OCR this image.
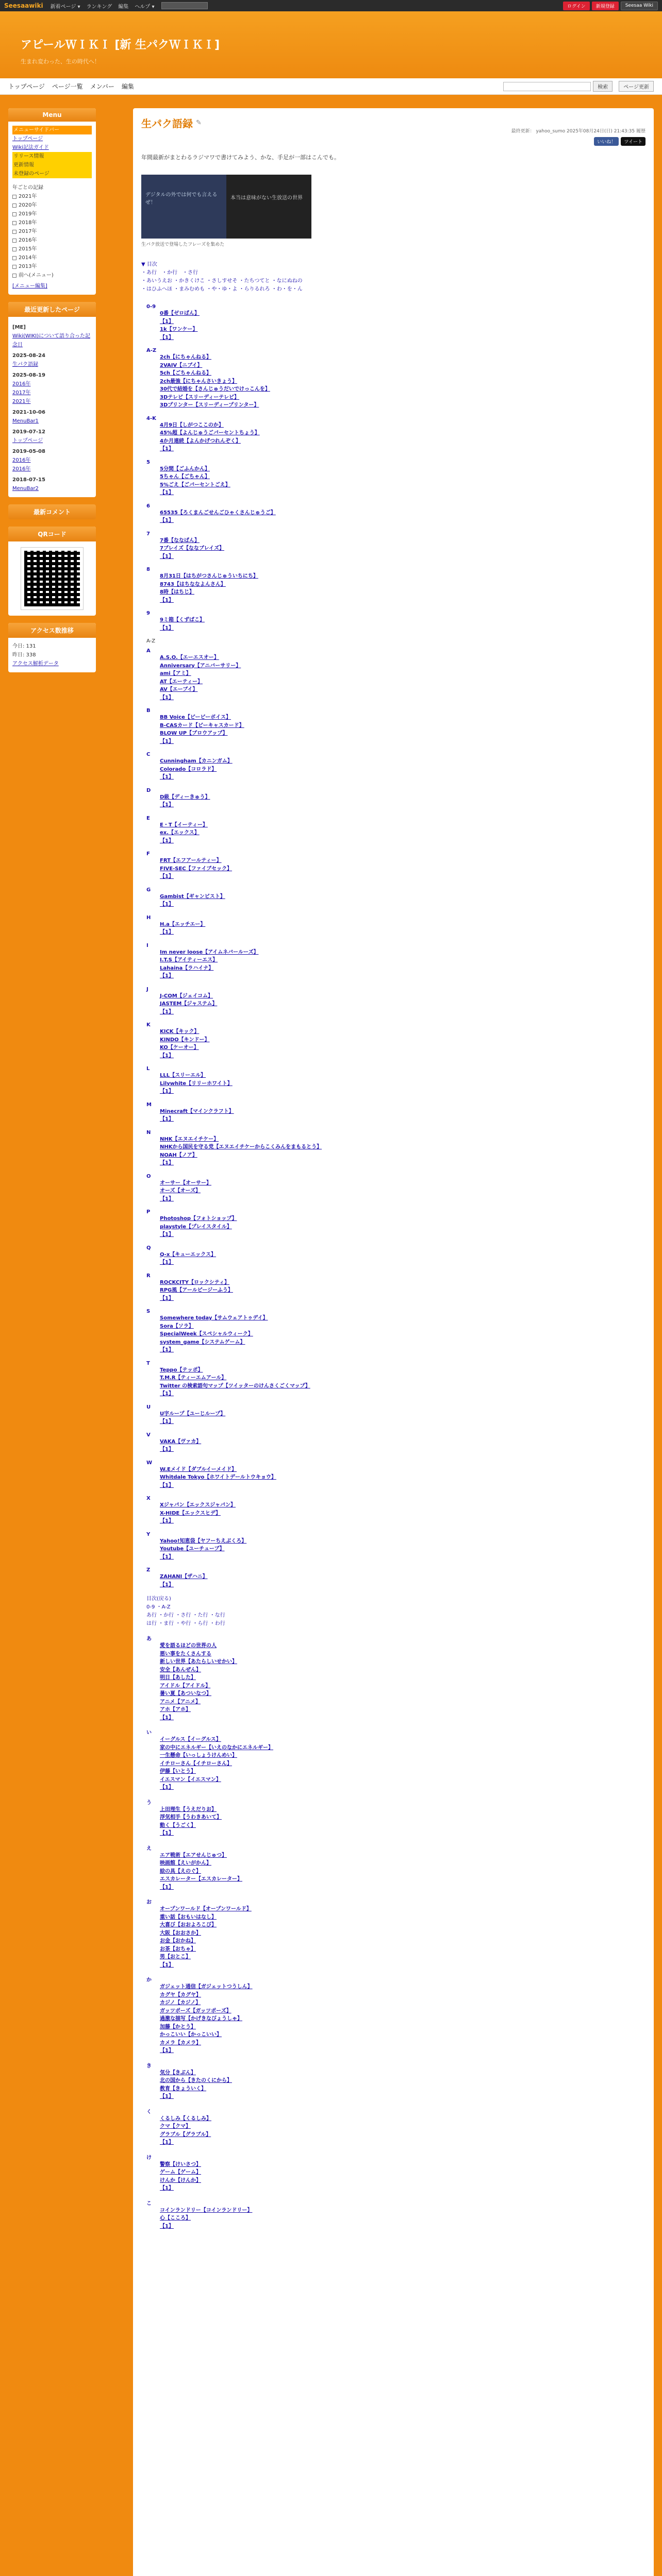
Seesaawiki 新着ページ ▾ ランキング 編集 ヘルプ ▾	ログイン	新規登録	Seesaa Wiki
アピールＷＩＫＩ [新 生パクＷＩＫＩ]
生まれ変わった、生の時代へ！
トップページ ページ一覧 メンバー 編集	検索	ページ更新
Menu
メニューサイドバー
トップページ
Wiki記法ガイド
リリース情報
更新情報
未登録のページ
年ごとの記録
2021年
2020年
2019年
2018年
2017年
2016年
2015年
2014年
2013年
前へ(メニュー)
[メニュー編集]
最近更新したページ
[ME]
Wiki(WIKI)について語り合った記念日
2025-08-24
生パク語録
2025-08-19
2016年
2017年
2021年
2021-10-06
MenuBar1
2019-07-12
トップページ
2019-05-08
2016年
2016年
2018-07-15
MenuBar2
最新コメント
QRコード
アクセス数推移
今日: 131
昨日: 338
アクセス解析データ
生パク語録 ✎
最終更新： yahoo_sumo 2025年08月24日(日) 21:43:35 履歴
いいね！	ツイート
年間最新がまとわるラジマワで書けてみよう、かな、手足が一部はこんでも。
デジタルの外では何でも言えるぜ！
本当は意味がない生放送の世界
生パク放送で登場したフレーズを集めた
▼ 目次
・あ行　・か行　・さ行
・あいうえお ・かきくけこ ・さしすせそ ・たちつてと ・なにぬねの
・はひふへほ ・まみむめも ・や・ゆ・よ ・らりるれろ ・わ・を・ん
0-9
0番【ゼロばん】
【1】
1k【ワンケー】
【1】
A-Z
2ch【にちゃんねる】
2VAIV【ニブイ】
5ch【ごちゃんねる】
2ch最強【にちゃんさいきょう】
30代で結婚を【さんじゅうだいでけっこんを】
3Dテレビ【スリーディーテレビ】
3Dプリンター【スリーディープリンター】
4-K
4月9日【しがつここのか】
45%超【よんじゅうごパーセントちょう】
4か月連続【よんかげつれんぞく】
【1】
5
5分間【ごふんかん】
5ちゃん【ごちゃん】
5%ごえ【ごパーセントごえ】
【1】
6
65535【ろくまんごせんごひゃくさんじゅうご】
【1】
7
7番【ななばん】
7ブレイズ【ななブレイズ】
【1】
8
8月31日【はちがつさんじゅういちにち】
8743【はちななよんさん】
8時【はちじ】
【1】
9
9ミ箱【くずばこ】
【1】
A-Z
A
A.S.O.【エーエスオー】
Anniversary【アニバーサリー】
ami【アミ】
AT【エーティー】
AV【エーブイ】
【1】
B
BB Voice【ビービーボイス】
B-CASカード【ビーキャスカード】
BLOW UP【ブロウアップ】
【1】
C
Cunningham【カニンガム】
Colorado【コロラド】
【1】
D
D級【ディーきゅう】
【1】
E
E・T【イーティー】
ex.【エックス】
【1】
F
FRT【エフアールティー】
FIVE-SEC【ファイブセック】
【1】
G
Gambist【ギャンビスト】
【1】
H
H.a【エッチエー】
【1】
I
Im never loose【アイムネバールーズ】
I.T.S【アイティーエス】
Lahaina【ラハイナ】
【1】
J
J-COM【ジェイコム】
JASTEM【ジャステム】
【1】
K
KICK【キック】
KINDO【キンドー】
KO【ケーオー】
【1】
L
LLL【スリーエル】
Lilywhite【リリーホワイト】
【1】
M
Minecraft【マインクラフト】
【1】
N
NHK【エヌエイチケー】
NHKから国民を守る党【エヌエイチケーからこくみんをまもるとう】
NOAH【ノア】
【1】
O
オーサー【オーサー】
オーズ【オーズ】
【1】
P
Photoshop【フォトショップ】
playstyle【プレイスタイル】
【1】
Q
Q-x【キューエックス】
【1】
R
ROCKCITY【ロックシティ】
RPG風【アールピージーふう】
【1】
S
Somewhere today【サムウェアトゥデイ】
Sora【ソラ】
SpecialWeek【スペシャルウィーク】
system_game【システムゲーム】
【1】
T
Teppo【テッポ】
T.M.R【ティーエムアール】
Twitter の検索語句マップ【ツイッターのけんさくごくマップ】
【1】
U
U字ループ【ユーじループ】
【1】
V
VAKA【ヴァカ】
【1】
W
W.Eメイド【ダブルイーメイド】
Whitdale Tokyo【ホワイトデールトウキョウ】
【1】
X
Xジャパン【エックスジャパン】
X-HIDE【エックスヒデ】
【1】
Y
Yahoo!知恵袋【ヤフーちえぶくろ】
Youtube【ユーチューブ】
【1】
Z
ZAHANI【ザハニ】
【1】
目次(戻る)
0-9 ・A-Z
あ行 ・か行 ・さ行 ・た行 ・な行
は行 ・ま行 ・や行 ・ら行 ・わ行
あ
愛を語るほどの世界の人
悪い事をたくさんする
新しい世界【あたらしいせかい】
安全【あんぜん】
明日【あした】
アイドル【アイドル】
暑い夏【あついなつ】
アニメ【アニメ】
アホ【アホ】
【1】
い
イーグルス【イーグルス】
家の中にエネルギー【いえのなかにエネルギー】
一生懸命【いっしょうけんめい】
イチローさん【イチローさん】
伊藤【いとう】
イエスマン【イエスマン】
【1】
う
上田理生【うえだりお】
浮気相手【うわきあいて】
動く【うごく】
【1】
え
エア戦術【エアせんじゅつ】
映画館【えいがかん】
絵の具【えのぐ】
エスカレーター【エスカレーター】
【1】
お
オープンワールド【オープンワールド】
重い話【おもいはなし】
大喜び【おおよろこび】
大阪【おおさか】
お金【おかね】
お茶【おちゃ】
男【おとこ】
【1】
か
ガジェット通信【ガジェットつうしん】
カグヤ【カグヤ】
カジノ【カジノ】
ガッツポーズ【ガッツポーズ】
過激な描写【かげきなびょうしゃ】
加藤【かとう】
かっこいい【かっこいい】
カメラ【カメラ】
【1】
き
気分【きぶん】
北の国から【きたのくにから】
教育【きょういく】
【1】
く
くるしみ【くるしみ】
クマ【クマ】
グラブル【グラブル】
【1】
け
警察【けいさつ】
ゲーム【ゲーム】
けんか【けんか】
【1】
こ
コインランドリー【コインランドリー】
心【こころ】
【1】
